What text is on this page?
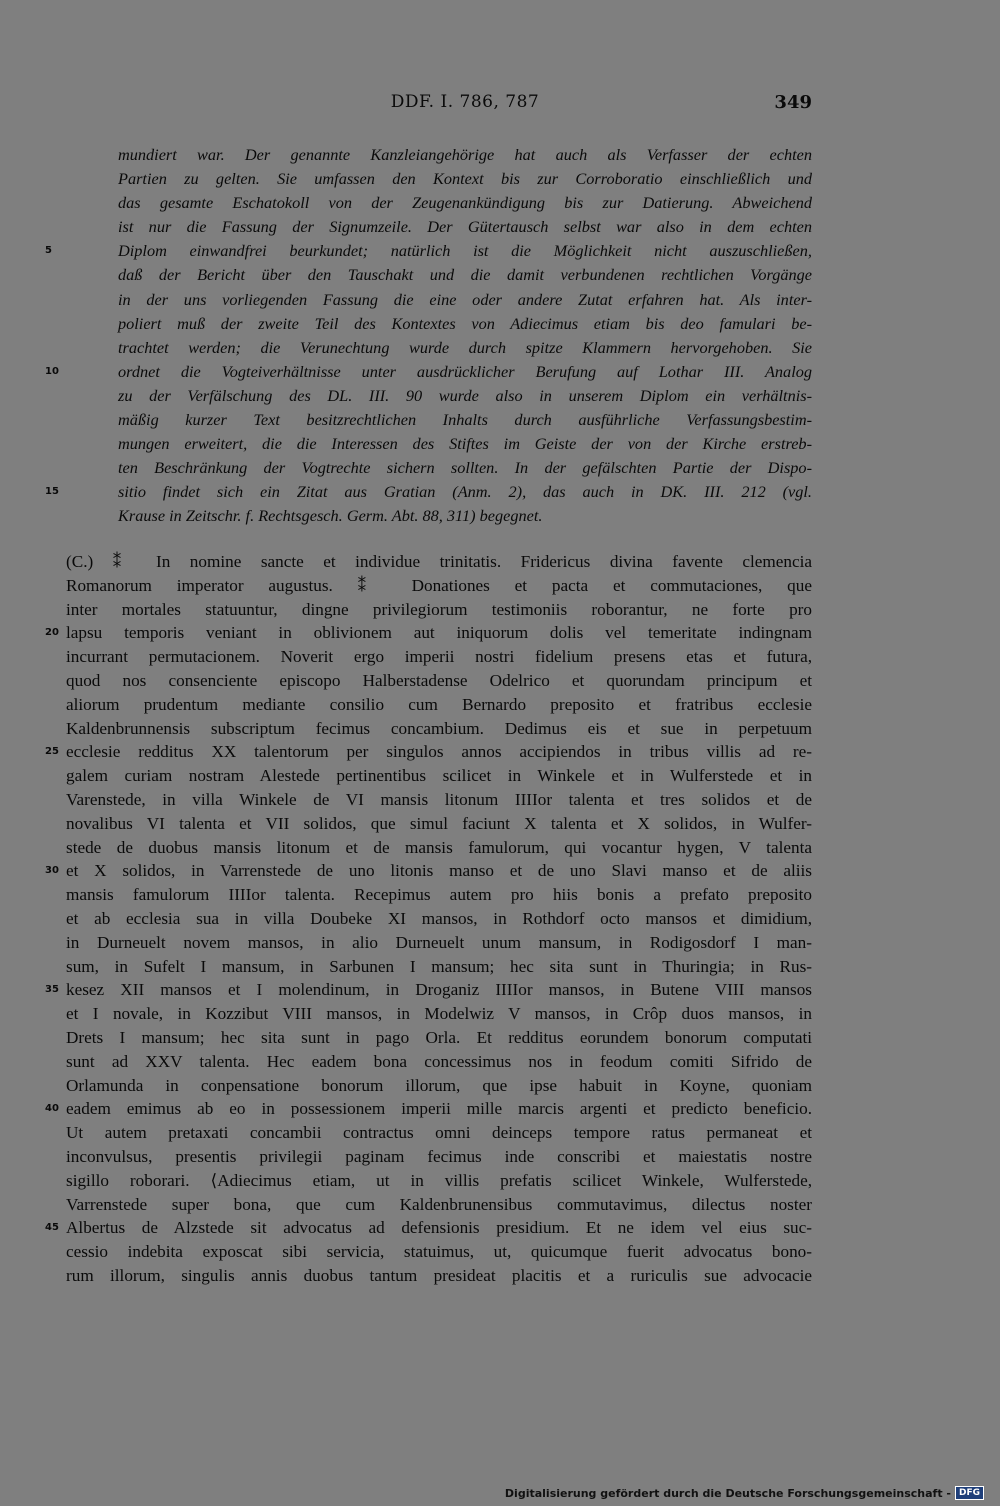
DDF. I. 786, 787	349
mundiert war. Der genannte Kanzleiangehörige hat auch als Verfasser der echten
Partien zu gelten. Sie umfassen den Kontext bis zur Corroboratio einschließlich und
das gesamte Eschatokoll von der Zeugenankündigung bis zur Datierung. Abweichend
ist nur die Fassung der Signumzeile. Der Gütertausch selbst war also in dem echten
5	Diplom einwandfrei beurkundet; natürlich ist die Möglichkeit nicht auszuschließen,
daß der Bericht über den Tauschakt und die damit verbundenen rechtlichen Vorgänge
in der uns vorliegenden Fassung die eine oder andere Zutat erfahren hat. Als inter-
poliert muß der zweite Teil des Kontextes von Adiecimus etiam bis deo famulari be-
trachtet werden; die Verunechtung wurde durch spitze Klammern hervorgehoben. Sie
10	ordnet die Vogteiverhältnisse unter ausdrücklicher Berufung auf Lothar III. Analog
zu der Verfälschung des DL. III. 90 wurde also in unserem Diplom ein verhältnis-
mäßig kurzer Text besitzrechtlichen Inhalts durch ausführliche Verfassungsbestim-
mungen erweitert, die die Interessen des Stiftes im Geiste der von der Kirche erstreb-
ten Beschränkung der Vogtrechte sichern sollten. In der gefälschten Partie der Dispo-
15	sitio findet sich ein Zitat aus Gratian (Anm. 2), das auch in DK. III. 212 (vgl.
Krause in Zeitschr. f. Rechtsgesch. Germ. Abt. 88, 311) begegnet.
(C.) ⁑ In nomine sancte et individue trinitatis. Fridericus divina favente clemencia
Romanorum imperator augustus. ⁑ Donationes et pacta et commutaciones, que
inter mortales statuuntur, dingne privilegiorum testimoniis roborantur, ne forte pro
20 lapsu temporis veniant in oblivionem aut iniquorum dolis vel temeritate indingnam
incurrant permutacionem. Noverit ergo imperii nostri fidelium presens etas et futura,
quod nos consenciente episcopo Halberstadense Odelrico et quorundam principum et
aliorum prudentum mediante consilio cum Bernardo preposito et fratribus ecclesie
Kaldenbrunnensis subscriptum fecimus concambium. Dedimus eis et sue in perpetuum
25 ecclesie redditus XX talentorum per singulos annos accipiendos in tribus villis ad re-
galem curiam nostram Alestede pertinentibus scilicet in Winkele et in Wulferstede et in
Varenstede, in villa Winkele de VI mansis litonum IIIIor talenta et tres solidos et de
novalibus VI talenta et VII solidos, que simul faciunt X talenta et X solidos, in Wulfer-
stede de duobus mansis litonum et de mansis famulorum, qui vocantur hygen, V talenta
30 et X solidos, in Varrenstede de uno litonis manso et de uno Slavi manso et de aliis
mansis famulorum IIIIor talenta. Recepimus autem pro hiis bonis a prefato preposito
et ab ecclesia sua in villa Doubeke XI mansos, in Rothdorf octo mansos et dimidium,
in Durneuelt novem mansos, in alio Durneuelt unum mansum, in Rodigosdorf I man-
sum, in Sufelt I mansum, in Sarbunen I mansum; hec sita sunt in Thuringia; in Rus-
35 kesez XII mansos et I molendinum, in Droganiz IIIIor mansos, in Butene VIII mansos
et I novale, in Kozzibut VIII mansos, in Modelwiz V mansos, in Crôp duos mansos, in
Drets I mansum; hec sita sunt in pago Orla. Et redditus eorundem bonorum computati
sunt ad XXV talenta. Hec eadem bona concessimus nos in feodum comiti Sifrido de
Orlamunda in conpensatione bonorum illorum, que ipse habuit in Koyne, quoniam
40 eadem emimus ab eo in possessionem imperii mille marcis argenti et predicto beneficio.
Ut autem pretaxati concambii contractus omni deinceps tempore ratus permaneat et
inconvulsus, presentis privilegii paginam fecimus inde conscribi et maiestatis nostre
sigillo roborari. ⟨Adiecimus etiam, ut in villis prefatis scilicet Winkele, Wulferstede,
Varrenstede super bona, que cum Kaldenbrunensibus commutavimus, dilectus noster
45 Albertus de Alzstede sit advocatus ad defensionis presidium. Et ne idem vel eius suc-
cessio indebita exposcat sibi servicia, statuimus, ut, quicumque fuerit advocatus bono-
rum illorum, singulis annis duobus tantum presideat placitis et a ruriculis sue advocacie
Digitalisierung gefördert durch die Deutsche Forschungsgemeinschaft - DFG
